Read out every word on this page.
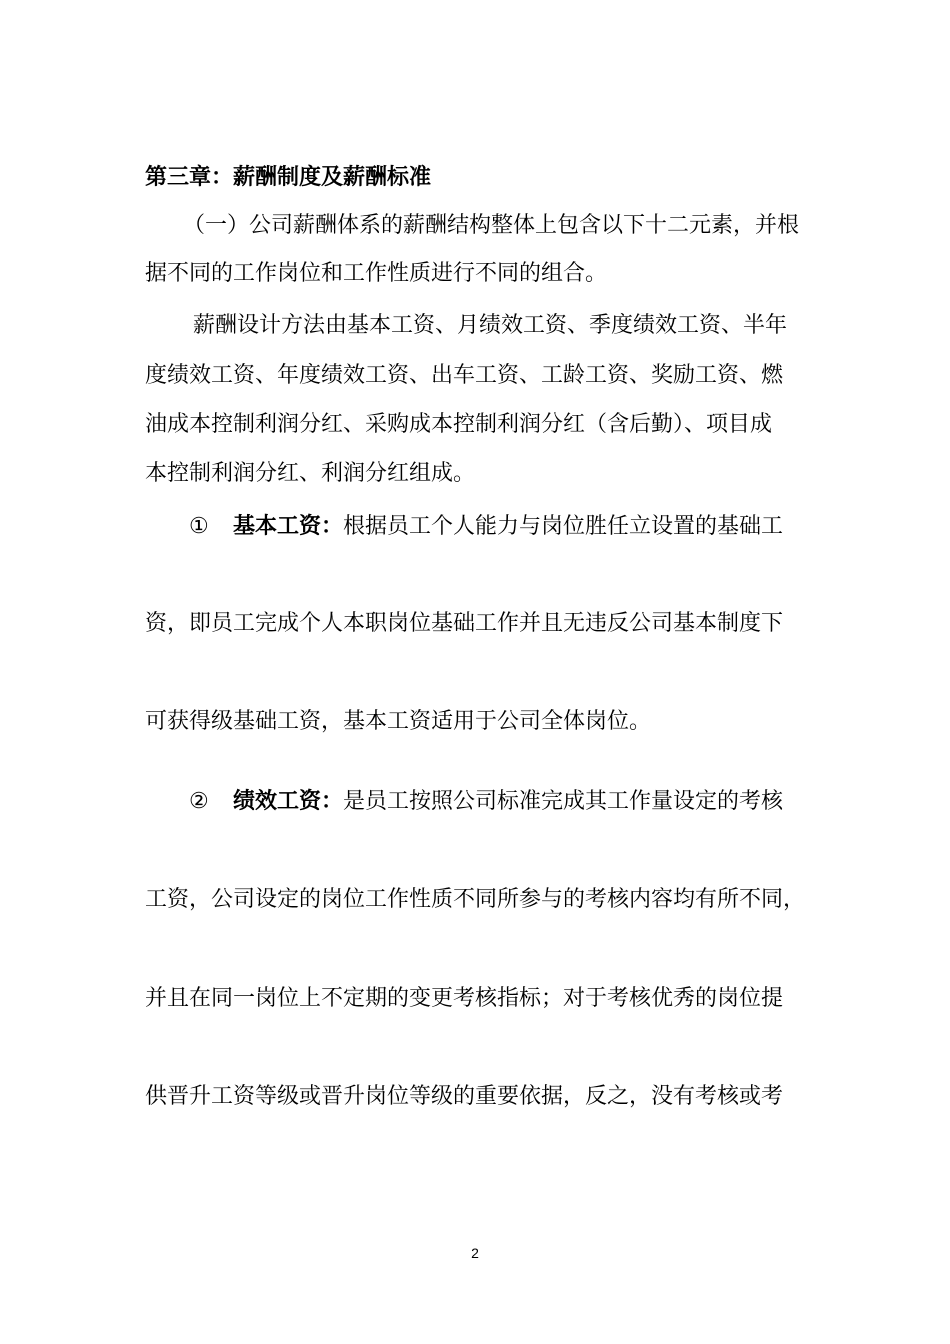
第三章：薪酬制度及薪酬标准
（一）公司薪酬体系的薪酬结构整体上包含以下十二元素，并根
据不同的工作岗位和工作性质进行不同的组合。
薪酬设计方法由基本工资、月绩效工资、季度绩效工资、半年
度绩效工资、年度绩效工资、出车工资、工龄工资、奖励工资、燃
油成本控制利润分红、采购成本控制利润分红（含后勤）、项目成
本控制利润分红、利润分红组成。
① 基本工资：根据员工个人能力与岗位胜任立设置的基础工
资，即员工完成个人本职岗位基础工作并且无违反公司基本制度下
可获得级基础工资，基本工资适用于公司全体岗位。
② 绩效工资：是员工按照公司标准完成其工作量设定的考核
工资，公司设定的岗位工作性质不同所参与的考核内容均有所不同，
并且在同一岗位上不定期的变更考核指标；对于考核优秀的岗位提
供晋升工资等级或晋升岗位等级的重要依据，反之，没有考核或考
2
